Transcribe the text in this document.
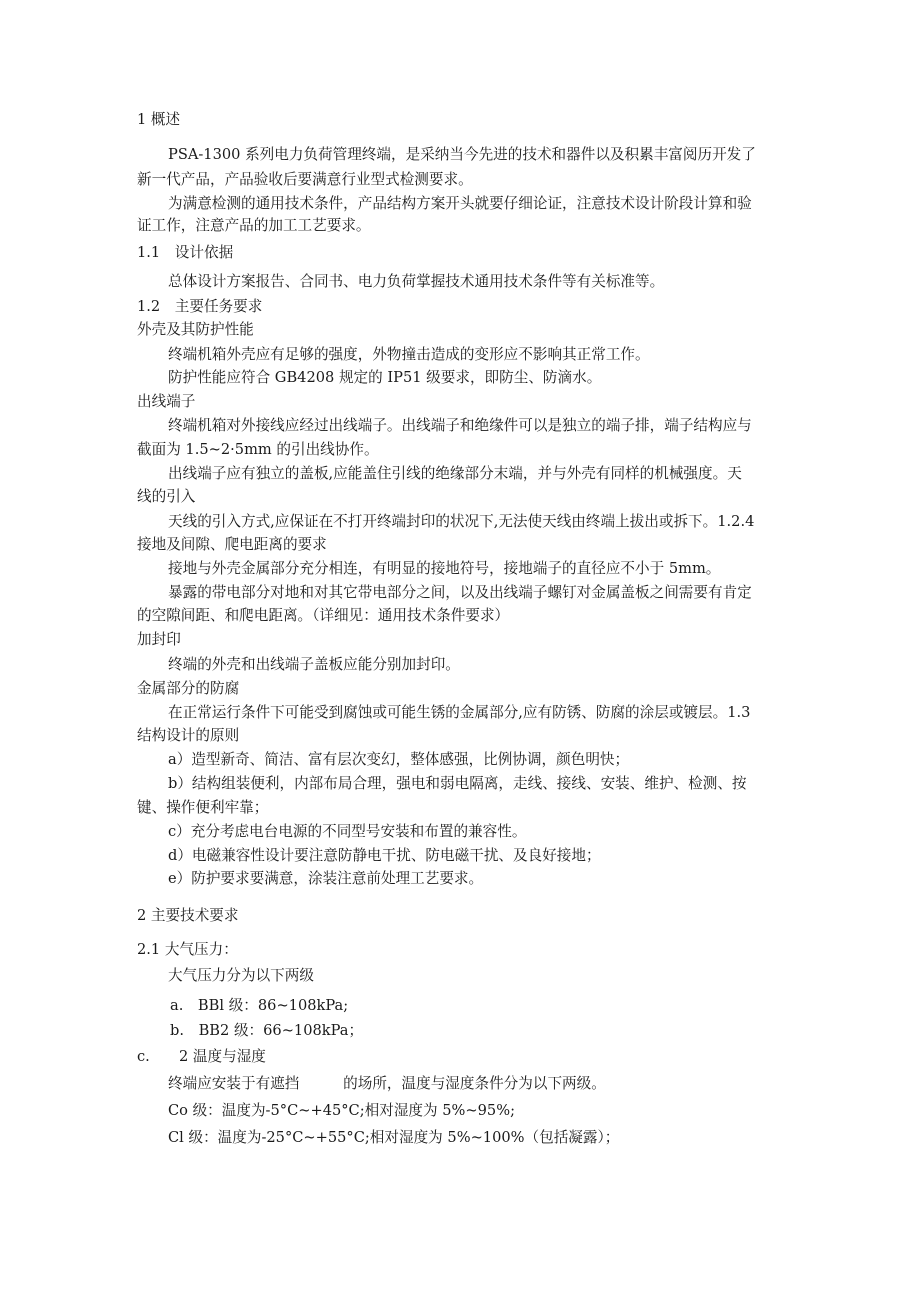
1 概述
PSA-1300 系列电力负荷管理终端，是采纳当今先进的技术和器件以及积累丰富阅历开发了
新一代产品，产品验收后要满意行业型式检测要求。
为满意检测的通用技术条件，产品结构方案开头就要仔细论证，注意技术设计阶段计算和验
证工作，注意产品的加工工艺要求。
1.1　设计依据
总体设计方案报告、合同书、电力负荷掌握技术通用技术条件等有关标准等。
1.2　主要任务要求
外壳及其防护性能
终端机箱外壳应有足够的强度，外物撞击造成的变形应不影响其正常工作。
防护性能应符合 GB4208 规定的 IP51 级要求，即防尘、防滴水。
出线端子
终端机箱对外接线应经过出线端子。出线端子和绝缘件可以是独立的端子排，端子结构应与
截面为 1.5~2·5mm 的引出线协作。
出线端子应有独立的盖板,应能盖住引线的绝缘部分末端，并与外壳有同样的机械强度。天
线的引入
天线的引入方式,应保证在不打开终端封印的状况下,无法使天线由终端上拔出或拆下。1.2.4
接地及间隙、爬电距离的要求
接地与外壳金属部分充分相连，有明显的接地符号，接地端子的直径应不小于 5mm。
暴露的带电部分对地和对其它带电部分之间，以及出线端子螺钉对金属盖板之间需要有肯定
的空隙间距、和爬电距离。（详细见：通用技术条件要求）
加封印
终端的外壳和出线端子盖板应能分别加封印。
金属部分的防腐
在正常运行条件下可能受到腐蚀或可能生锈的金属部分,应有防锈、防腐的涂层或镀层。1.3
结构设计的原则
a）造型新奇、简洁、富有层次变幻，整体感强，比例协调，颜色明快；
b）结构组装便利，内部布局合理，强电和弱电隔离，走线、接线、安装、维护、检测、按
键、操作便利牢靠；
c）充分考虑电台电源的不同型号安装和布置的兼容性。
d）电磁兼容性设计要注意防静电干扰、防电磁干扰、及良好接地；
e）防护要求要满意，涂装注意前处理工艺要求。
2 主要技术要求
2.1 大气压力：
大气压力分为以下两级
a.　BBl 级：86~108kPa;
b.　BB2 级：66~108kPa；
c.　　2 温度与湿度
终端应安装于有遮挡　　　的场所，温度与湿度条件分为以下两级。
Co 级：温度为-5°C~+45°C;相对湿度为 5%~95%;
Cl 级：温度为-25°C~+55°C;相对湿度为 5%~100%（包括凝露）；
